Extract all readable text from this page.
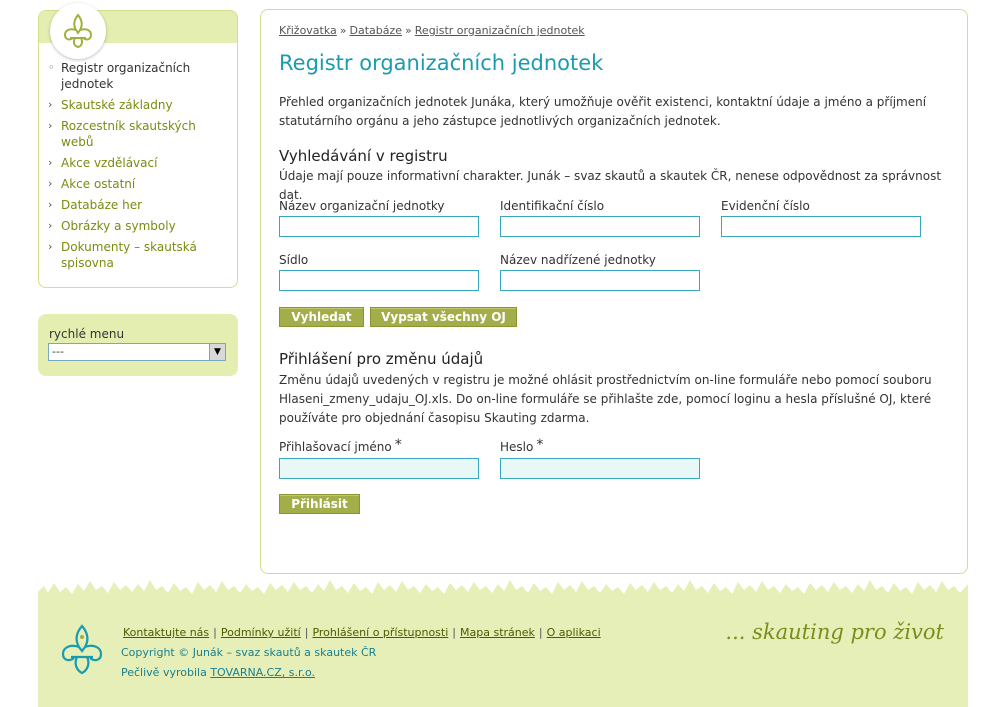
◦ Registr organizačních jednotek
› Skautské základny
› Rozcestník skautských webů
› Akce vzdělávací
› Akce ostatní
› Databáze her
› Obrázky a symboly
› Dokumenty – skautská spisovna
rychlé menu
---	▼
Křižovatka » Databáze » Registr organizačních jednotek
Registr organizačních jednotek

Přehled organizačních jednotek Junáka, který umožňuje ověřit existenci, kontaktní údaje a jméno a příjmení statutárního orgánu a jeho zástupce jednotlivých organizačních jednotek.

Vyhledávání v registru

Údaje mají pouze informativní charakter. Junák – svaz skautů a skautek ČR, nenese odpovědnost za správnost dat.

Název organizační jednotky	Identifikační číslo	Evidenční číslo
Sídlo	Název nadřízené jednotky
Vyhledat	Vypsat všechny OJ
Přihlášení pro změnu údajů

Změnu údajů uvedených v registru je možné ohlásit prostřednictvím on-line formuláře nebo pomocí souboru Hlaseni_zmeny_udaju_OJ.xls. Do on-line formuláře se přihlašte zde, pomocí loginu a hesla příslušné OJ, které používáte pro objednání časopisu Skauting zdarma.

Přihlašovací jméno *	Heslo *
Přihlásit
Kontaktujte nás | Podmínky užití | Prohlášení o přístupnosti | Mapa stránek | O aplikaci
Copyright © Junák – svaz skautů a skautek ČR
Pečlivě vyrobila TOVARNA.CZ, s.r.o.
... skauting pro život
